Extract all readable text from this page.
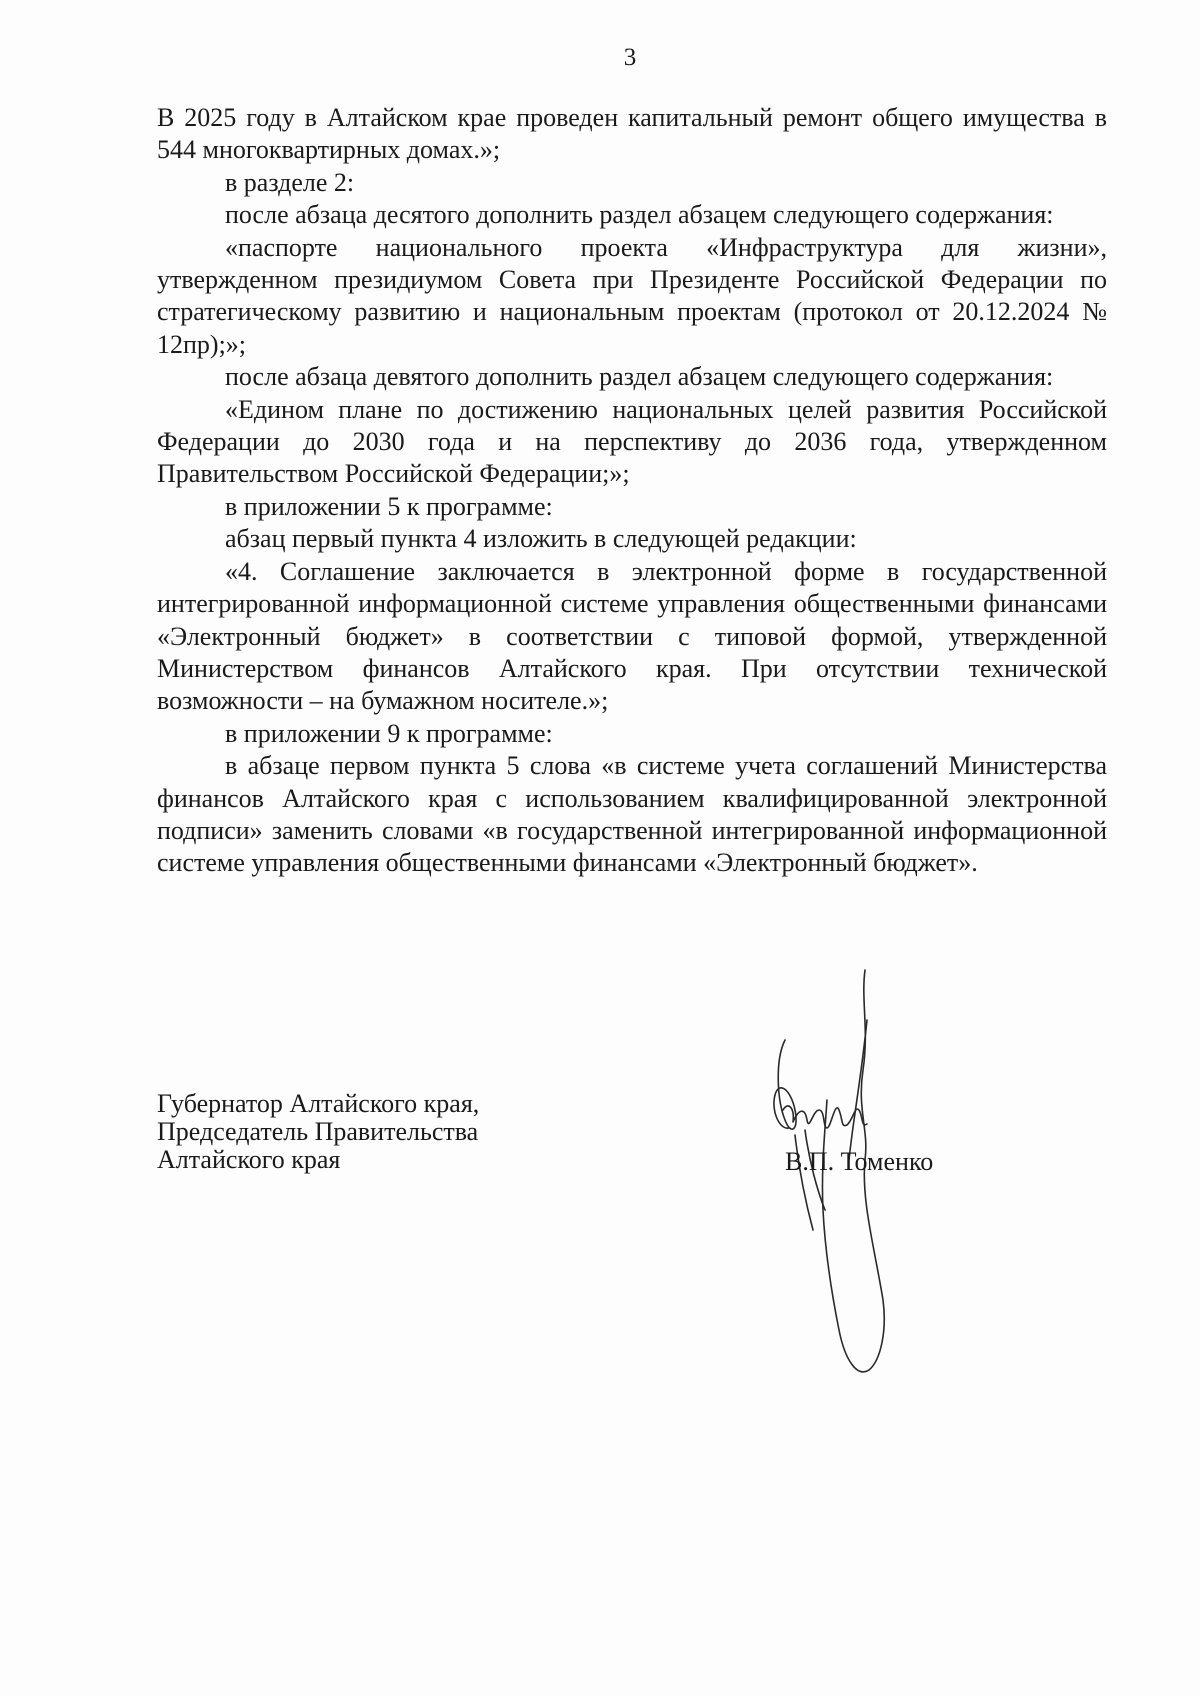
3

В 2025 году в Алтайском крае проведен капитальный ремонт общего имущества в 544 многоквартирных домах.»;

в разделе 2:

после абзаца десятого дополнить раздел абзацем следующего содержания:

«паспорте национального проекта «Инфраструктура для жизни», утвержденном президиумом Совета при Президенте Российской Федерации по стратегическому развитию и национальным проектам (протокол от 20.12.2024 № 12пр);»;

после абзаца девятого дополнить раздел абзацем следующего содержания:

«Едином плане по достижению национальных целей развития Российской Федерации до 2030 года и на перспективу до 2036 года, утвержденном Правительством Российской Федерации;»;

в приложении 5 к программе:

абзац первый пункта 4 изложить в следующей редакции:

«4. Соглашение заключается в электронной форме в государственной интегрированной информационной системе управления общественными финансами «Электронный бюджет» в соответствии с типовой формой, утвержденной Министерством финансов Алтайского края. При отсутствии технической возможности – на бумажном носителе.»;

в приложении 9 к программе:

в абзаце первом пункта 5 слова «в системе учета соглашений Министерства финансов Алтайского края с использованием квалифицированной электронной подписи» заменить словами «в государственной интегрированной информационной системе управления общественными финансами «Электронный бюджет».

Губернатор Алтайского края,
Председатель Правительства
Алтайского края	В.П. Томенко
